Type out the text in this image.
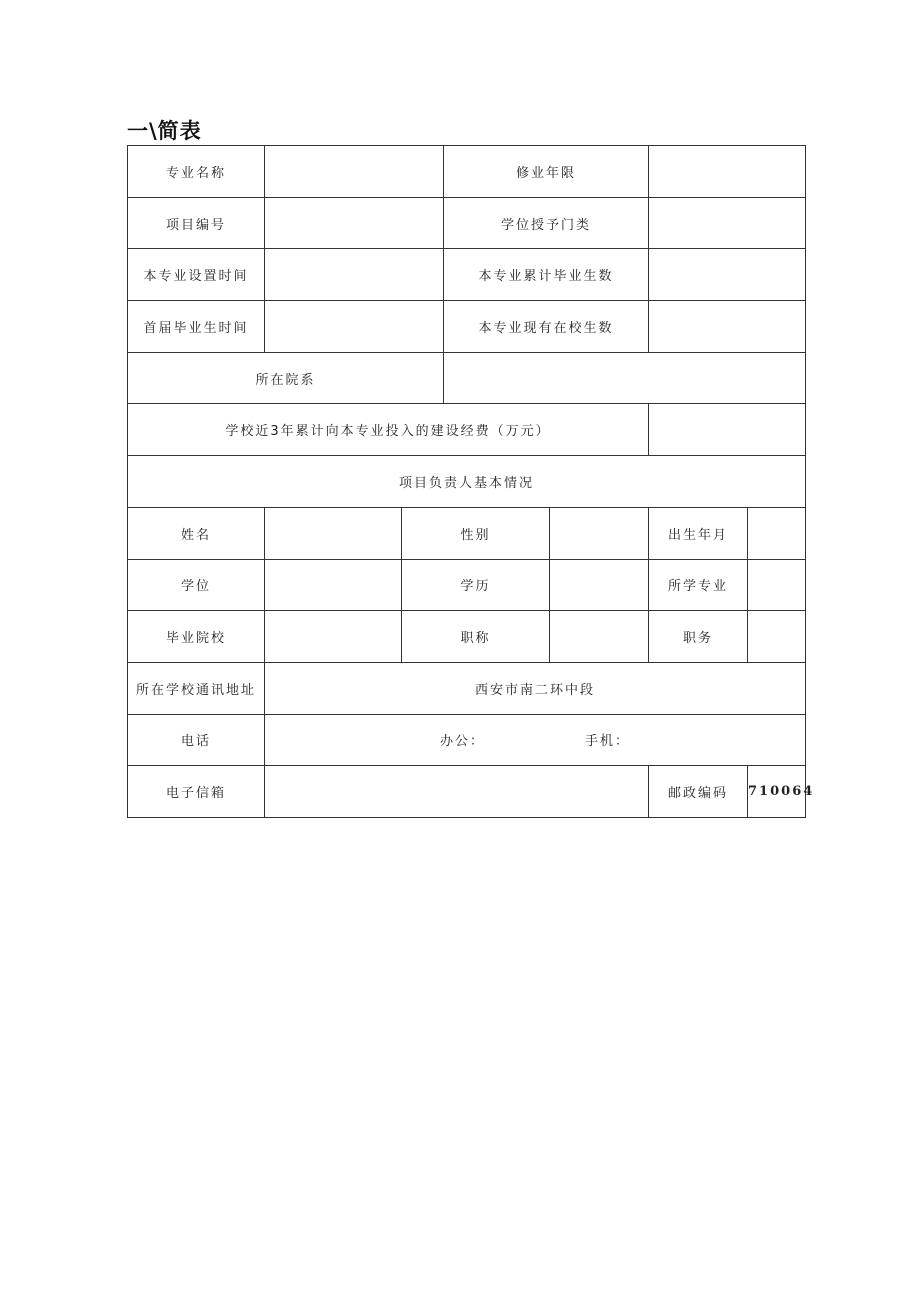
一\简表
专业名称			修业年限			
项目编号			学位授予门类			
本专业设置时间			本专业累计毕业生数			
首届毕业生时间			本专业现有在校生数			
所在院系						
学校近3年累计向本专业投入的建设经费（万元）						
项目负责人基本情况						
姓名		性别			出生年月	
学位		学历			所学专业	
毕业院校		职称			职务	
所在学校通讯地址	西安市南二环中段					
电话	办公： 手机：					
电子信箱					邮政编码	710064
